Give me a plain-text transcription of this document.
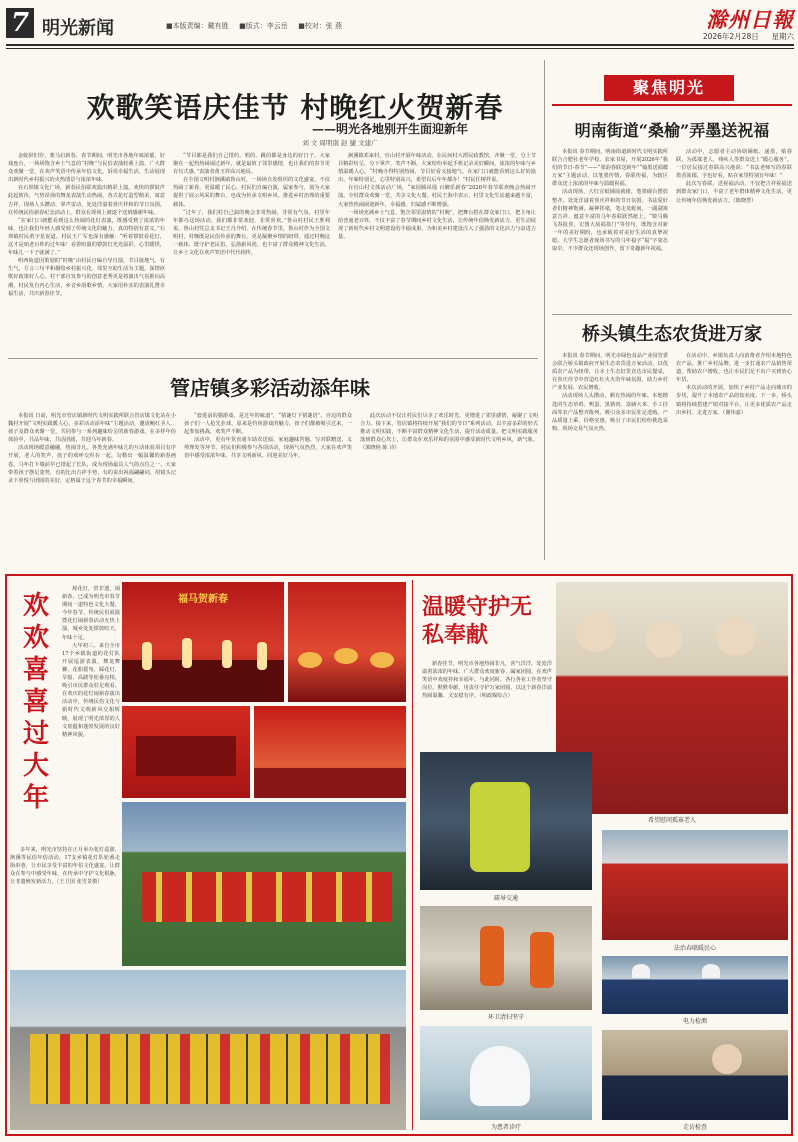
7 明光新闻	■本版责编：戴有胜 ■版式：李云岳 ■校对：张 燕	滁州日報
2026年2月28日 星期六
欢歌笑语庆佳节 村晚红火贺新春
——明光各地别开生面迎新年
刘 文 周明南 赵 捷 文建广

金蛇辞旧岁，骏马启新春。春节期间，明光市各地年味浓郁，好戏连台，一场场饱含乡土气息的“村晚”与民俗表演轮番上演，广大群众欢聚一堂，在欢声笑语中传承年俗文化，诉说幸福生活，生动展现出新时代乡村振兴的火热图景与浓浓年味。

在石坝镇文化广场，新春民俗联欢演出精彩上演。欢快的锣鼓声此起彼伏，气势昂扬的舞龙表演生动热闹，各式花灯造型精美，寓意吉祥，现场人头攒动、掌声雷动，处处洋溢着喜庆祥和的节日氛围。在传统民俗新春纪念活动上，群众在现场上被逐个送到感谢年味。

“在家门口就能看到这么热闹的花灯表演，既感受到了浓浓的年味，也让我们年轻人感受到了传统文化的魅力，真的特别有意义。”石坝镇村民黄宇星说道。村民王广军也深有感触：“听着锣鼓看花灯，这才是咱老百姓的过年味！看着喧嚣的锣鼓灯光光温彩，心里暖烘，年味儿一下子就满了。”

明西街道因策划的“村晚”由村民自编自导自演，节目接地气、有生气，方言三句半和描绘乡村振兴化、邻里互助生活为主题，深情讴歌好政策好人心。村干部自发参与的创意老秀更是将演出气氛推向高潮，村民发自内心生活，乡音乡韵歌乡情，大家用朴实的表演礼赞幸福生活，共庆新春佳节。

“节目都是我们自己排的，唱的、跳的都是身边的好日子。大家聚在一起热热闹闹过新年，就是最值了邻里感情，也让我们的春节更有仪式感。”表演者黄玉祥高兴地说。

在全国文明村涧溪镇鲁山村，一场场自发组织的文化盛宴，不仅热闹了新春，更温暖了民心。村民们自编自演，属家参与，展为大家提供了展示风采的舞台，也成为传承文明乡风、推进乡村治理的重要载体。

“过年了，我们村自己搞的晚会非常热闹，非常有气氛，村里年年都办这场活动，我们都非常欢迎，非常喜欢。”鲁山村村民王胜利说。鲁山村党总支书记王丹介绍，在传统春节里，鲁山村作为全国文明村，村晚既是民俗传承的舞台，更是凝聚乡情的纽带。通过村晚这一载体，既守护老民俗，弘扬新风尚，也丰富了群众精神文化生活，让乡土文化在欢声笑语中代代相传。

涧溪镇邓家村，官山村开展年味活动。在民间村大潭民政教馆，齐聚一堂，分上节目精彩纷呈，分下掌声，笑声不断，大家纷纷举起手机记录美好瞬间，浓浓的年味与乡情温暖人心。“村晚办得特别热闹，节目好看又接地气，在家门口就能看到这么好的演出，年味特别足，心里特别高兴，希望以后年年都办！”村民任树祥说。

在官山村文体活动广场，“家园腾凤凰 百狮乐新春”2026年春节联欢晚会热闹开演。全村群众欢聚一堂，共享文化大餐。村民王海中表示，村里文化生活越来越丰富，大家热热闹闹迎新年，幸福感、归属感不断增强。

一场场充满乡土气息、饱含邻里温情的“村晚”，把舞台搭在群众家门口，把主角让给普通老百姓。不仅丰富了春节期间乡村文化生活，让传统年俗焕发新活力，更生动展现了新时代乡村文明建设的丰硕成果，为和美乡村建设注入了强劲的文化活力与奋进力量。

聚焦明光
明南街道“桑榆”弄墨送祝福

本报讯 春节期间，明南街道新时代文明实践所联合合肥社老年学校、农家书屋，开展2026年“我们的节日·春节”——“墨韵春联送新年”“翰墨送福暖万家”主题活动，以笔墨传情，春联传福，为辖区群众送上浓浓的年味与温暖祝福。

活动现场，大红宣纸铺展就绪，笔墨砚台摆放整齐，处处洋溢着喜庆祥和的节日氛围。书法爱好者们精神饱满，凝神挥毫，笔走龙蛇间，一副副寓意吉祥、蕴意丰富的马年春联跃然纸上。“骏马腾飞春报喜，宏图大展福盈门”等佳句，既饱含对新一年的美好期盼，也承载着对美好生活的真挚祝愿。大学生志愿者现场书写的马年福字“福”字姿态取卓，不少群众还现场创作，留下奇趣新年祝福。

活动中，志愿者主动协助铺纸、递墨，贴春联，为孤寡老人、残疾人等群众送上“暖心服务”。一位居民接过春联高兴地说：“书法老师写的春联墨香浓郁，字也好看，贴在家里特别有年味！”

此次写春联、送祝福活动，不仅把吉祥祝福送到群众家门口，丰富了老年群体精神文化生活，更让传统年俗焕发新活力。（陈晓慧）

桥头镇生态农货进万家

本报讯 春节期间，明光市绿色食品产业园管委会联合桥头镇政府开展生态农货进万家活动，以优质农产品为纽带，让本土生态好货直达市民餐桌，在喜庆佳节中营造红红火火的年味氛围，助力乡村产业发展、农民增收。

活动现场人头攒动，颇有热闹的年味。本地精选的生态草鸡、鸭蛋、黑猪肉、富硒大米、手工挂面等农产品整齐陈列，吸引众多市民驻足选购。产品质量上乘、价格实惠，吸引了市民们纷纷挑选采购，现场交易气氛火热。

在活动中，乡镇负责人向消费者介绍本地特色农产品，推广乡村品牌，进一步打通农产品销售渠道，帮助农户增收，也让市民们足不出户买到放心年货。

本次活动的开展，加快了乡村产品走向城市的步伐，提升了本地农产品的知名度。下一步，桥头镇将持续搭建产销对接平台，让更多优质农产品走出乡村、走进万家。（谢伟嘉）

管店镇多彩活动添年味

本报讯 日前，明光市管店镇新时代文明实践所联合管店镇文化站在小魏村开展“文明实践暖人心，多彩活动添年味”主题活动，邀请鲍红圣人、孩子及群众欢聚一堂，共同参与一系列趣味纷呈的新春游戏，在多样年俗体验中，共品年味，共话团圆，共迎马年新春。

活动现场暖意融融，热闹非凡。各类充满年味儿的互动体验项目有序开展，老人的笑声，孩子的欢呼交织在一起，勾勒出一幅温馨的新春画卷。马年打卡墙前早已排起了长队，成为现场最具人气的点位之一。大家带着孩子摆足姿势，有的比出吉祥手势，有的说出祝福翩翩词，用镜头记录下喜悦与团圆的美好，定格属于这个春节的幸福瞬间。

“套进前的猫游戏，是过年的味道”，“猜谜灯下猜谜语”。旁边的群众孩子们一人抢先扑球，原来是钓鱼游戏的魅力，孩子们都被吸引过来，一起参加挑战，欢笑声不断。

活动中，更有年货直通车助农送福、家庭趣味答题、写对联赠送、义剪理发等环节。村民们积极参与各项活动，现场气氛热烈，大家在欢声笑语中感受浓浓年味，共享文明新风、同迎美好马年。

此次活动不仅让村民们尽享了欢乐时光，更增进了邻里感情，凝聚了文明合力。接下来，管店镇将持续开展“我们的节日”系列活动，以丰富多彩的形式推动文明实践，不断丰富群众精神文化生活，提升活动质量，把文明实践服务落到群众心坎上，让群众在欢乐祥和的氛围中感受新时代文明乡风，新气象。（郭晓艳 陈 诗）

欢欢喜喜过大年

观花灯，赏非遗，闹新春，已成为明光市春节期间一道特色文化大餐。今年春节，传统民俗展演暨花灯闹新春活动火热上演，城乡处处锣鼓喧天，年味十足。

大年初三，来自全市17个乡镇街道的花灯队开展巡游表演，舞龙舞狮、花船摇曳、踩花灯、旱船、高跷等轮番亮相，吸引市民群众驻足观看。在欢庆的花灯闹新春演出活动中，传统民俗文化与新时代文明新风交相辉映，展现了明光浓厚的人文底蕴和蓬勃发展的良好精神风貌。

多年来，明光市坚持在正月举办花灯巡游，涧溪等民俗年俗活动，17支乡镇花灯队轮番走街串巷，让市民享受丰富的年俗文化盛宴。让群众在参与中感受年味，在传承中守护文化根脉，让非遗焕发新活力。（王卫国 张雪景摄）

福马贺新春	温暖守护无私奉献

新春佳节，明光市各地热闹非凡，喜气洋洋，处处洋溢着浓浓的年味。广大群众欢度新春、阖家团圆，在欢声笑语中欢度祥和幸福年。与此同时，各行各业工作者坚守岗位、默默奉献，用责任守护万家团圆，以这个新春洋溢热闹温馨、又安稳有序。（明政媒综合）

希望慰问孤寡老人
疏导交通
法治春联暖民心
环卫清扫坚守
电力检测
为患者诊疗	走访检查
